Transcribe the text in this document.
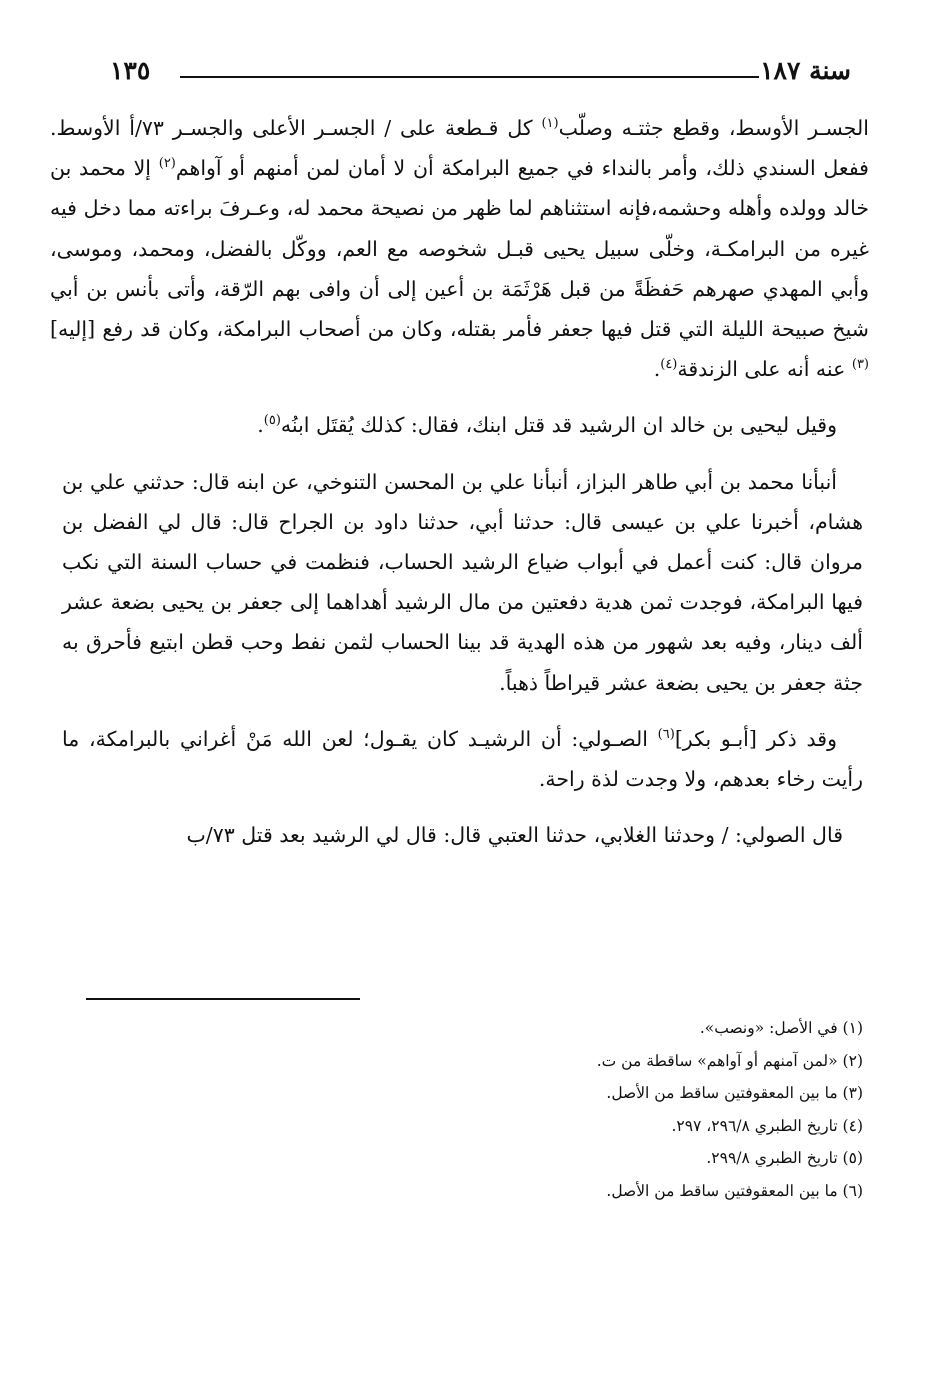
سنة ١٨٧
١٣٥

الجسـر الأوسط، وقطع جثتـه وصلّب$^{(١)}$ كل قـطعة على / الجسـر الأعلى والجسـر ٧٣/أ الأوسط. ففعل السندي ذلك، وأمر بالنداء في جميع البرامكة أن لا أمان لمن أمنهم أو آواهم$^{(٢)}$ إلا محمد بن خالد وولده وأهله وحشمه،فإنه استثناهم لما ظهر من نصيحة محمد له، وعـرفَ براءته مما دخل فيه غيره من البرامكـة، وخلّى سبيل يحيى قبـل شخوصه مع العم، ووكّل بالفضل، ومحمد، وموسى، وأبي المهدي صهرهم حَفظَةً من قبل هَرْثَمَة بن أعين إلى أن وافى بهم الرّقة، وأتى بأنس بن أبي شيخ صبيحة الليلة التي قتل فيها جعفر فأمر بقتله، وكان من أصحاب البرامكة، وكان قد رفع [إليه]$^{(٣)}$ عنه أنه على الزندقة$^{(٤)}$.

وقيل ليحيى بن خالد ان الرشيد قد قتل ابنك، فقال: كذلك يُقتَل ابنُه$^{(٥)}$.

أنبأنا محمد بن أبي طاهر البزاز، أنبأنا علي بن المحسن التنوخي، عن ابنه قال: حدثني علي بن هشام، أخبرنا علي بن عيسى قال: حدثنا أبي، حدثنا داود بن الجراح قال: قال لي الفضل بن مروان قال: كنت أعمل في أبواب ضياع الرشيد الحساب، فنظمت في حساب السنة التي نكب فيها البرامكة، فوجدت ثمن هدية دفعتين من مال الرشيد أهداهما إلى جعفر بن يحيى بضعة عشر ألف دينار، وفيه بعد شهور من هذه الهدية قد بينا الحساب لثمن نفط وحب قطن ابتيع فأحرق به جثة جعفر بن يحيى بضعة عشر قيراطاً ذهباً.

وقد ذكر [أبـو بكر]$^{(٦)}$ الصـولي: أن الرشيـد كان يقـول؛ لعن الله مَنْ أغراني بالبرامكة، ما رأيت رخاء بعدهم، ولا وجدت لذة راحة.

قال الصولي: / وحدثنا الغلابي، حدثنا العتبي قال: قال لي الرشيد بعد قتل ٧٣/ب

(١) في الأصل: «ونصب».

(٢) «لمن آمنهم أو آواهم» ساقطة من ت.

(٣) ما بين المعقوفتين ساقط من الأصل.

(٤) تاريخ الطبري ٢٩٦/٨، ٢٩٧.

(٥) تاريخ الطبري ٢٩٩/٨.

(٦) ما بين المعقوفتين ساقط من الأصل.
